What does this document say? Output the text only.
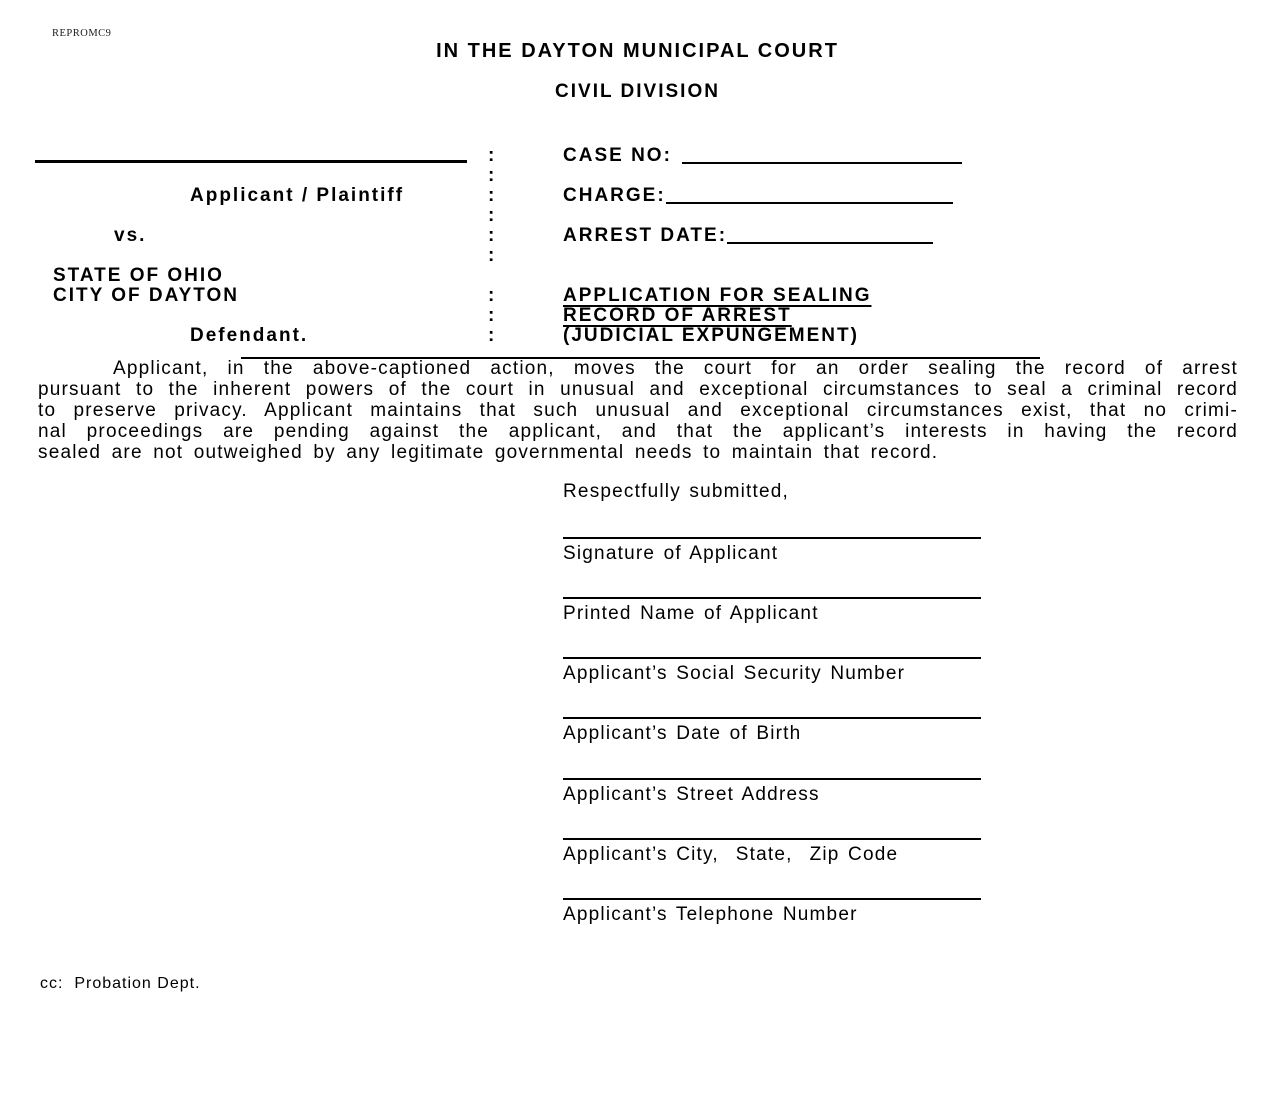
REPROMC9
IN THE DAYTON MUNICIPAL COURT
CIVIL DIVISION
Applicant / Plaintiff
vs.
STATE OF OHIO
CITY OF DAYTON
Defendant.
:
:
:
:
:
:
:
:
:
CASE NO:
CHARGE:
ARREST DATE:
APPLICATION FOR SEALING
RECORD OF ARREST
(JUDICIAL EXPUNGEMENT)
Applicant, in the above-captioned action, moves the court for an order sealing the record of arrest
pursuant to the inherent powers of the court in unusual and exceptional circumstances to seal a criminal record
to preserve privacy. Applicant maintains that such unusual and exceptional circumstances exist, that no crimi-
nal proceedings are pending against the applicant, and that the applicant’s interests in having the record
sealed are not outweighed by any legitimate governmental needs to maintain that record.
Respectfully submitted,
Signature of Applicant
Printed Name of Applicant
Applicant’s Social Security Number
Applicant’s Date of Birth
Applicant’s Street Address
Applicant’s City,  State,  Zip Code
Applicant’s Telephone Number
cc:  Probation Dept.
